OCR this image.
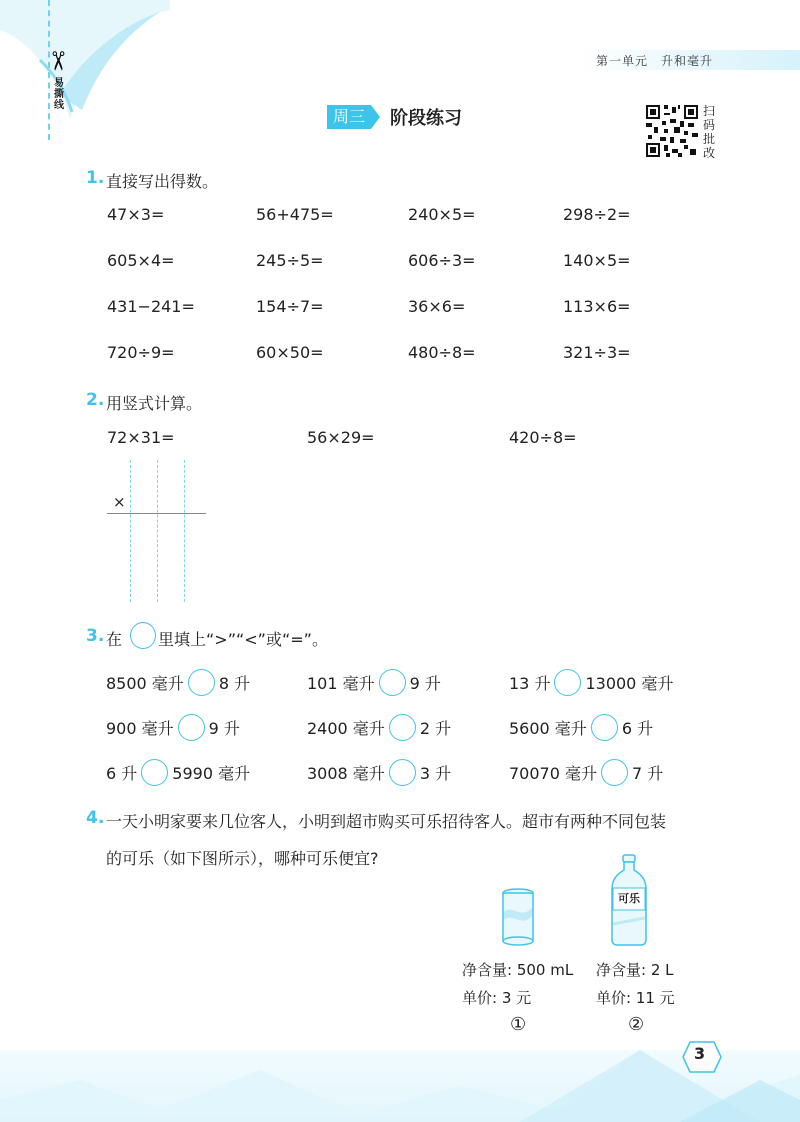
✂
易撕线
第一单元　升和毫升
周三	阶段练习	扫码批改
1. 直接写出得数。
47×3=	56+475=	240×5=	298÷2=
605×4=	245÷5=	606÷3=	140×5=
431−241=	154÷7=	36×6=	113×6=
720÷9=	60×50=	480÷8=	321÷3=
2. 用竖式计算。
72×31=	56×29=	420÷8=
×
3. 在 里填上“>”“<”或“=”。
8500 毫升 8 升	101 毫升 9 升	13 升 13000 毫升
900 毫升 9 升	2400 毫升 2 升	5600 毫升 6 升
6 升 5990 毫升	3008 毫升 3 升	70070 毫升 7 升
4. 一天小明家要来几位客人，小明到超市购买可乐招待客人。超市有两种不同包装
的可乐（如下图所示），哪种可乐便宜?
可乐
净含量: 500 mL
单价: 3 元
①
净含量: 2 L
单价: 11 元
②
3
